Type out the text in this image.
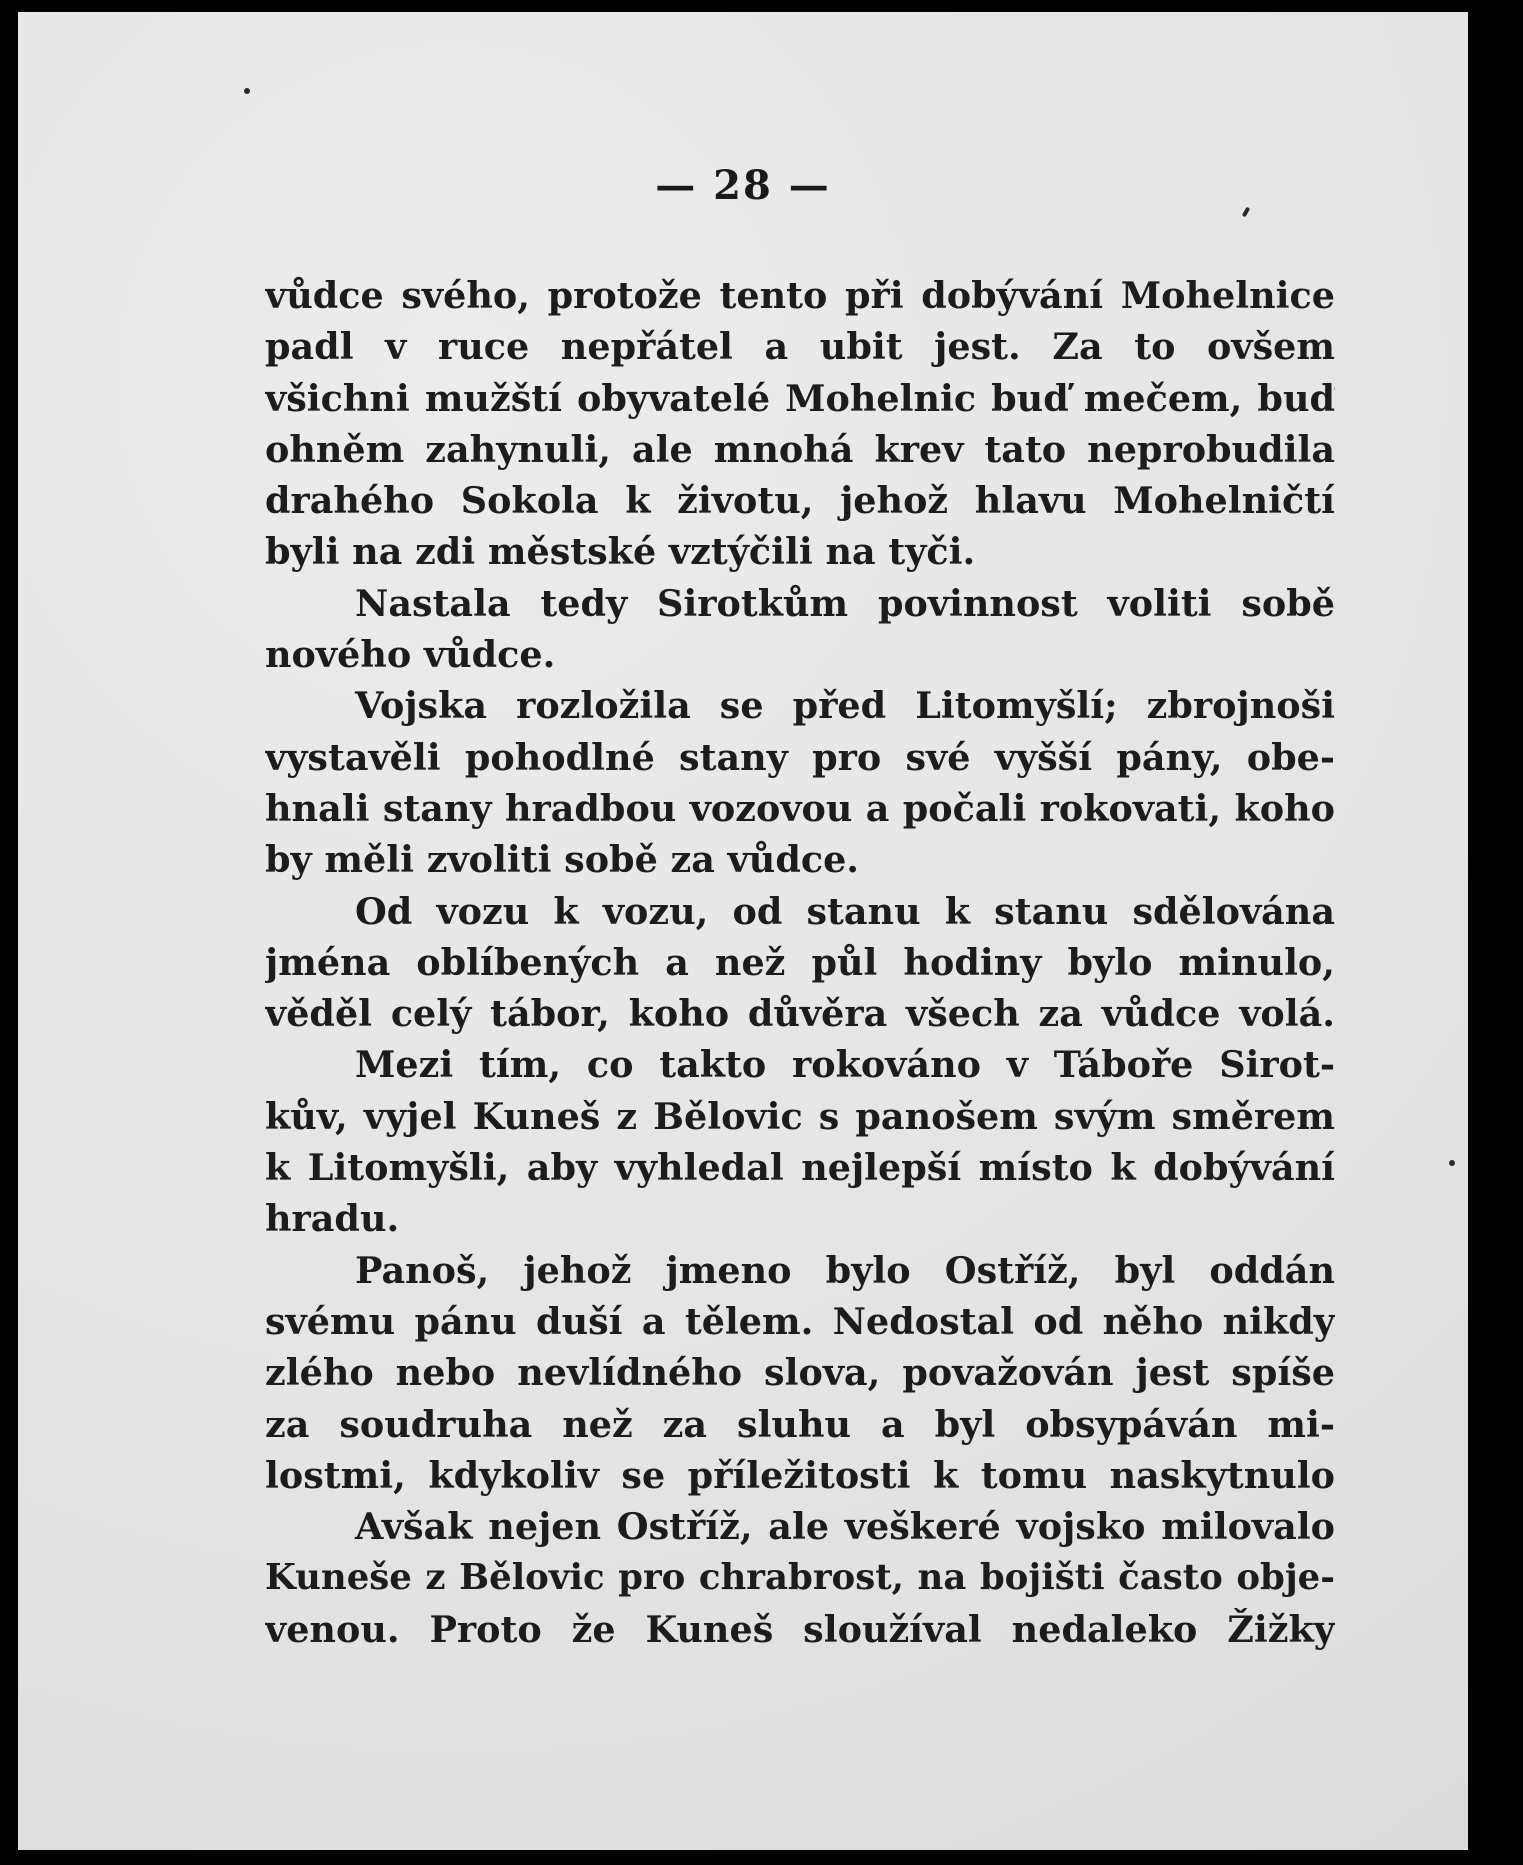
— 28 —
vůdce svého, protože tento při dobývání Mohelnice
padl v ruce nepřátel a ubit jest. Za to ovšem
všichni mužští obyvatelé Mohelnic buď mečem, buď
ohněm zahynuli, ale mnohá krev tato neprobudila
drahého Sokola k životu, jehož hlavu Mohelničtí
byli na zdi městské vztýčili na tyči.
Nastala tedy Sirotkům povinnost voliti sobě
nového vůdce.
Vojska rozložila se před Litomyšlí; zbrojnoši
vystavěli pohodlné stany pro své vyšší pány, obe-
hnali stany hradbou vozovou a počali rokovati, koho
by měli zvoliti sobě za vůdce.
Od vozu k vozu, od stanu k stanu sdělována
jména oblíbených a než půl hodiny bylo minulo,
věděl celý tábor, koho důvěra všech za vůdce volá.
Mezi tím, co takto rokováno v Táboře Sirot-
kův, vyjel Kuneš z Bělovic s panošem svým směrem
k Litomyšli, aby vyhledal nejlepší místo k dobývání
hradu.
Panoš, jehož jmeno bylo Ostříž, byl oddán
svému pánu duší a tělem. Nedostal od něho nikdy
zlého nebo nevlídného slova, považován jest spíše
za soudruha než za sluhu a byl obsypáván mi-
lostmi, kdykoliv se příležitosti k tomu naskytnulo
Avšak nejen Ostříž, ale veškeré vojsko milovalo
Kuneše z Bělovic pro chrabrost, na bojišti často obje-
venou. Proto že Kuneš sloužíval nedaleko Žižky
